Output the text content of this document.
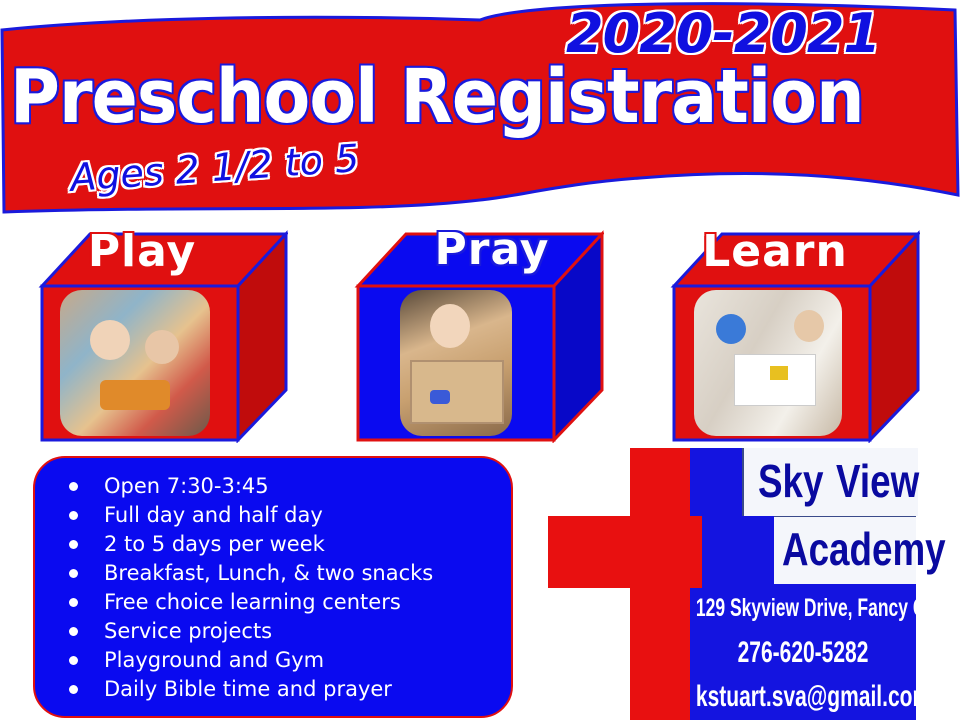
2020-2021
Preschool Registration
Ages 2 1/2 to 5
Play	Pray	Learn
Open 7:30-3:45
Full day and half day
2 to 5 days per week
Breakfast, Lunch, & two snacks
Free choice learning centers
Service projects
Playground and Gym
Daily Bible time and prayer
Sky View
Academy
129 Skyview Drive, Fancy Gap
276-620-5282
kstuart.sva@gmail.com
